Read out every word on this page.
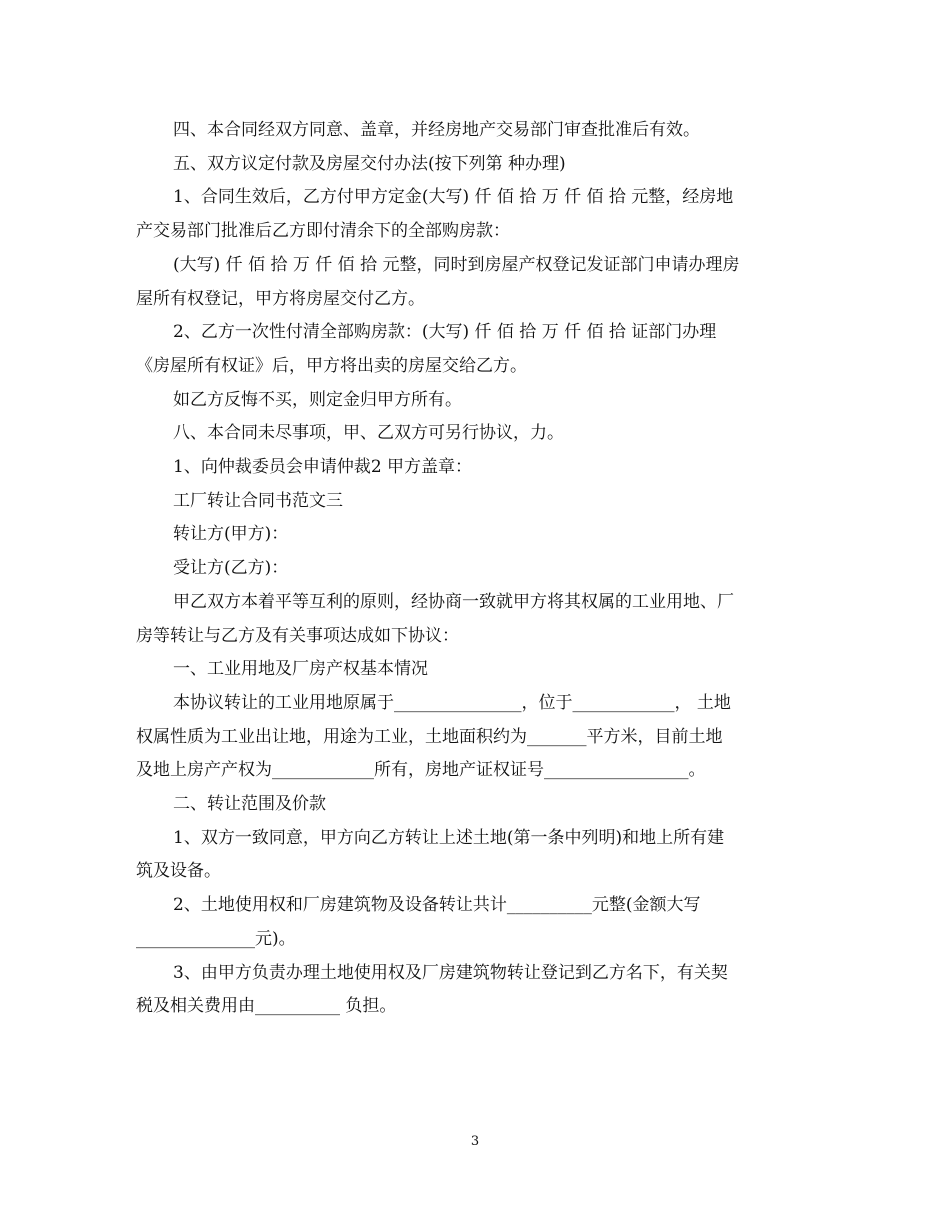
四、本合同经双方同意、盖章，并经房地产交易部门审查批准后有效。

五、双方议定付款及房屋交付办法(按下列第 种办理)

1、合同生效后，乙方付甲方定金(大写) 仟 佰 拾 万 仟 佰 拾 元整，经房地

产交易部门批准后乙方即付清余下的全部购房款：

(大写) 仟 佰 拾 万 仟 佰 拾 元整，同时到房屋产权登记发证部门申请办理房

屋所有权登记，甲方将房屋交付乙方。

2、乙方一次性付清全部购房款：(大写) 仟 佰 拾 万 仟 佰 拾 证部门办理

《房屋所有权证》后，甲方将出卖的房屋交给乙方。

如乙方反悔不买，则定金归甲方所有。

八、本合同未尽事项，甲、乙双方可另行协议，力。

1、向仲裁委员会申请仲裁2 甲方盖章：

工厂转让合同书范文三

转让方(甲方)：

受让方(乙方)：

甲乙双方本着平等互利的原则，经协商一致就甲方将其权属的工业用地、厂

房等转让与乙方及有关事项达成如下协议：

一、工业用地及厂房产权基本情况

本协议转让的工业用地原属于_______________，位于____________， 土地

权属性质为工业出让地，用途为工业，土地面积约为_______平方米，目前土地

及地上房产产权为____________所有，房地产证权证号_________________。

二、转让范围及价款

1、双方一致同意，甲方向乙方转让上述土地(第一条中列明)和地上所有建

筑及设备。

2、土地使用权和厂房建筑物及设备转让共计__________元整(金额大写

______________元)。

3、由甲方负责办理土地使用权及厂房建筑物转让登记到乙方名下，有关契

税及相关费用由__________ 负担。

3
